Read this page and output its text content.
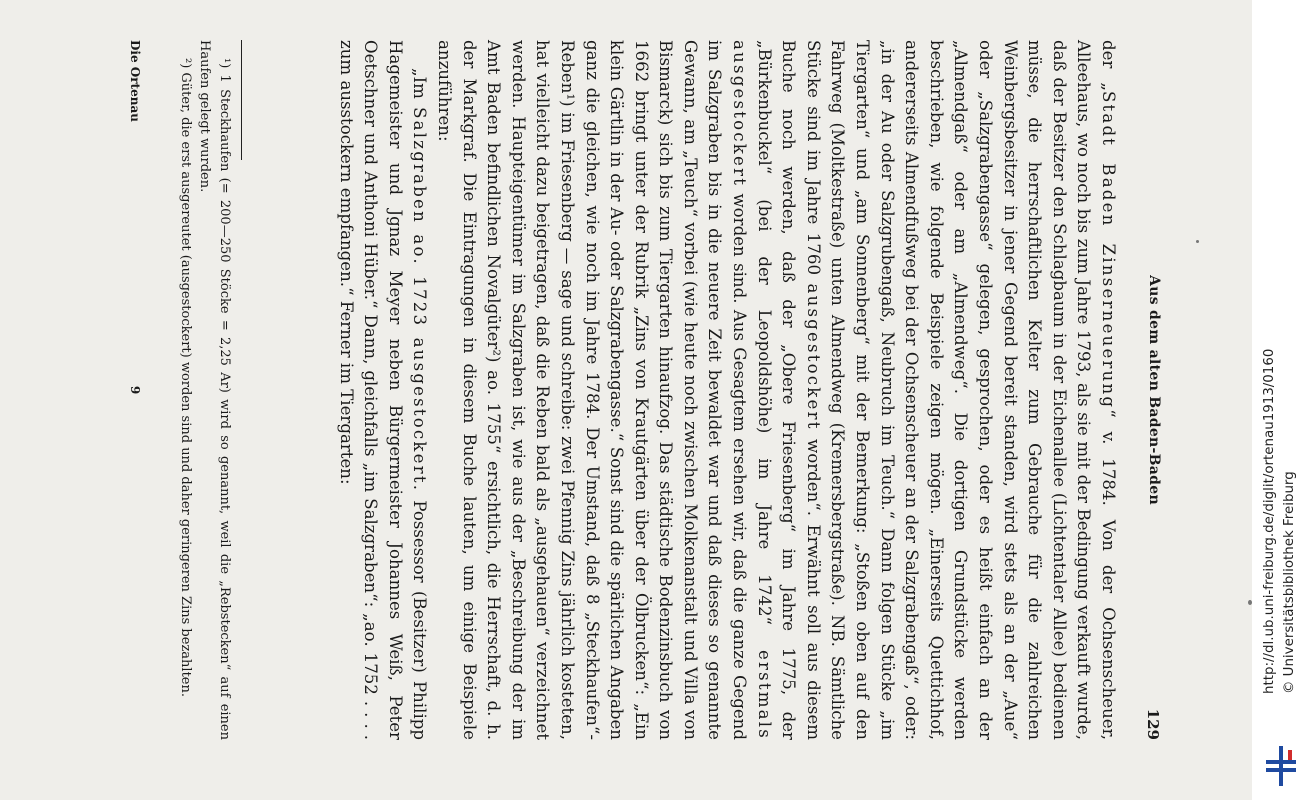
Aus dem alten Baden-Baden
129

der „Stadt Baden Zinserneuerung“ v. 1784. Von der Ochsenscheuer, Alleehaus, wo noch bis zum Jahre 1793, als sie mit der Bedingung verkauft wurde, daß der Besitzer den Schlagbaum in der Eichenallee (Lichtentaler Allee) bedienen müsse, die herrschaftlichen Kelter zum Gebrauche für die zahlreichen Weinbergsbesitzer in jener Gegend bereit standen, wird stets als an der „Aue“ oder „Salzgrabengasse“ gelegen, gesprochen, oder es heißt einfach an der „Almendgaß“ oder am „Almendweg“. Die dortigen Grundstücke werden beschrieben, wie folgende Beispiele zeigen mögen. „Einerseits Quettichhof, andererseits Almendfußweg bei der Ochsenscheuer an der Salzgrabengaß“, oder: „in der Au oder Salzgrubengaß, Neubruch im Teuch.“ Dann folgen Stücke „im Tiergarten“ und „am Sonnenberg“ mit der Bemerkung: „Stoßen oben auf den Fahrweg (Moltkestraße) unten Almendweg (Kremersbergstraße). NB. Sämtliche Stücke sind im Jahre 1760 ausgestockert worden“. Erwähnt soll aus diesem Buche noch werden, daß der „Obere Friesenberg“ im Jahre 1775, der „Bürkenbuckel“ (bei der Leopoldshöhe) im Jahre 1742“ erstmals ausgestockert worden sind. Aus Gesagtem ersehen wir, daß die ganze Gegend im Salzgraben bis in die neuere Zeit bewaldet war und daß dieses so genannte Gewann, am „Teuch“ vorbei (wie heute noch zwischen Molkenanstalt und Villa von Bismarck) sich bis zum Tiergarten hinaufzog. Das städtische Bodenzinsbuch von 1662 bringt unter der Rubrik „Zins von Krautgärten über der Ölbrucken“: „Ein klein Gärtlin in der Au- oder Salzgrabengasse.“ Sonst sind die spärlichen Angaben ganz die gleichen, wie noch im Jahre 1784. Der Umstand, daß 8 „Steckhaufen“-Reben¹) im Friesenberg — sage und schreibe: zwei Pfennig Zins jährlich kosteten, hat vielleicht dazu beigetragen, daß die Reben bald als „ausgehauen“ verzeichnet werden. Haupteigentümer im Salzgraben ist, wie aus der „Beschreibung der im Amt Baden befindlichen Novalgüter²) ao. 1755“ ersichtlich, die Herrschaft, d. h. der Markgraf. Die Eintragungen in diesem Buche lauten, um einige Beispiele anzuführen:

„Im Salzgraben ao. 1723 ausgestockert. Possessor (Besitzer) Philipp Hagemeister und Jgnaz Meyer neben Bürgermeister Johannes Weiß, Peter Oetschner und Anthoni Hüber.“ Dann, gleichfalls „im Salzgraben“: „ao. 1752 . . . . zum ausstockern empfangen.“ Ferner im Tiergarten:

¹) 1 Steckhaufen (= 200—250 Stöcke = 2,25 Ar) wird so genannt, weil die „Rebstecken“ auf einen Haufen gelegt wurden.

²) Güter, die erst ausgereutet (ausgestockert) worden sind und daher geringeren Zins bezahlten.

Die Ortenau
9	http://dl.ub.uni-freiburg.de/diglit/ortenau1913/0160 © Universitätsbibliothek Freiburg
